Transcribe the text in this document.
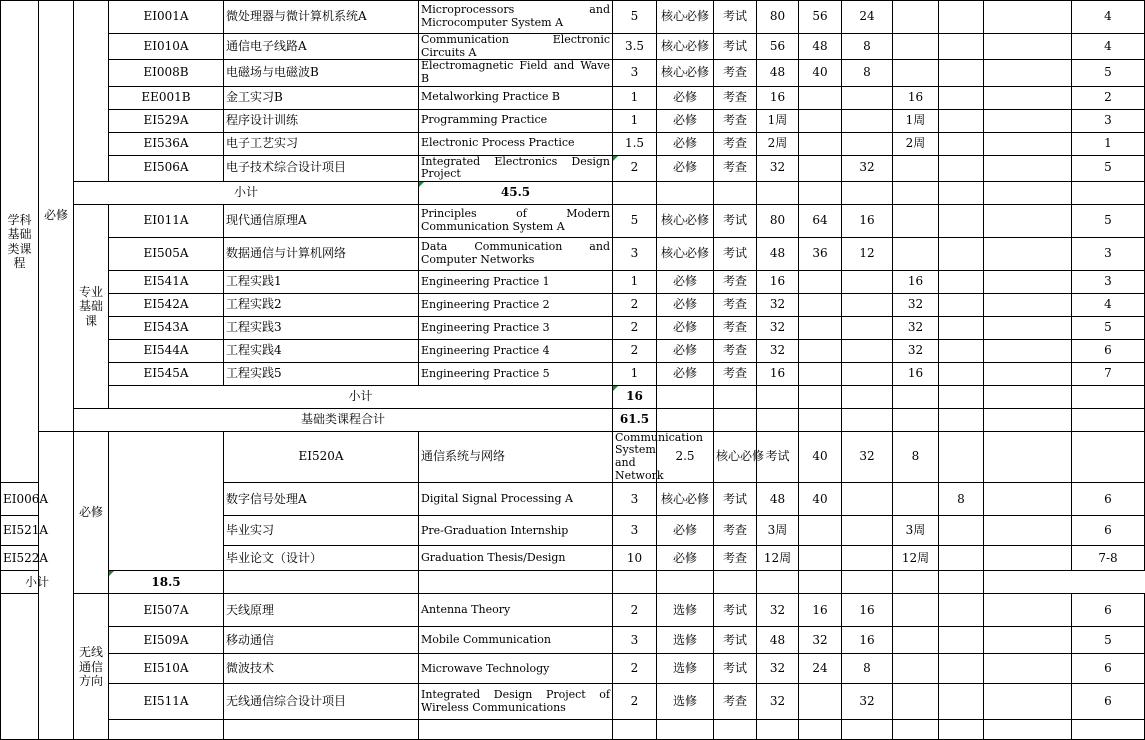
学科基础类课程	必修		EI001A	微处理器与微计算机系统A	Microprocessors and Microcomputer System A	5	核心必修	考试	80	56	24				4	
			EI010A	通信电子线路A	Communication Electronic Circuits A	3.5	核心必修	考试	56	48	8				4	
			EI008B	电磁场与电磁波B	Electromagnetic Field and Wave B	3	核心必修	考查	48	40	8				5	
			EE001B	金工实习B	Metalworking Practice B	1	必修	考查	16			16			2	
			EI529A	程序设计训练	Programming Practice	1	必修	考查	1周			1周			3	
			EI536A	电子工艺实习	Electronic Process Practice	1.5	必修	考查	2周			2周			1	
			EI506A	电子技术综合设计项目	Integrated Electronics Design Project	2	必修	考查	32		32				5	
		小计			45.5											
		专业基础课	EI011A	现代通信原理A	Principles of Modern Communication System A	5	核心必修	考试	80	64	16				5	
			EI505A	数据通信与计算机网络	Data Communication and Computer Networks	3	核心必修	考试	48	36	12				3	
			EI541A	工程实践1	Engineering Practice 1	1	必修	考查	16			16			3	
			EI542A	工程实践2	Engineering Practice 2	2	必修	考查	32			32			4	
			EI543A	工程实践3	Engineering Practice 3	2	必修	考查	32			32			5	
			EI544A	工程实践4	Engineering Practice 4	2	必修	考查	32			32			6	
			EI545A	工程实践5	Engineering Practice 5	1	必修	考查	16			16			7	
			小计			16										
		基础类课程合计				61.5										
		必修		EI520A	通信系统与网络	Communication System and Network	2.5	核心必修	考试	40	32	8					
EI006A				数字信号处理A	Digital Signal Processing A	3	核心必修	考试	48	40			8		6	
EI521A				毕业实习	Pre-Graduation Internship	3	必修	考查	3周			3周			6	
EI522A				毕业论文（设计）	Graduation Thesis/Design	10	必修	考查	12周			12周			7-8	
小计			18.5													
		无线通信方向	EI507A	天线原理	Antenna Theory	2	选修	考试	32	16	16				6	
			EI509A	移动通信	Mobile Communication	3	选修	考试	48	32	16				5	
			EI510A	微波技术	Microwave Technology	2	选修	考试	32	24	8				6	
			EI511A	无线通信综合设计项目	Integrated Design Project of Wireless Communications	2	选修	考查	32		32				6	
